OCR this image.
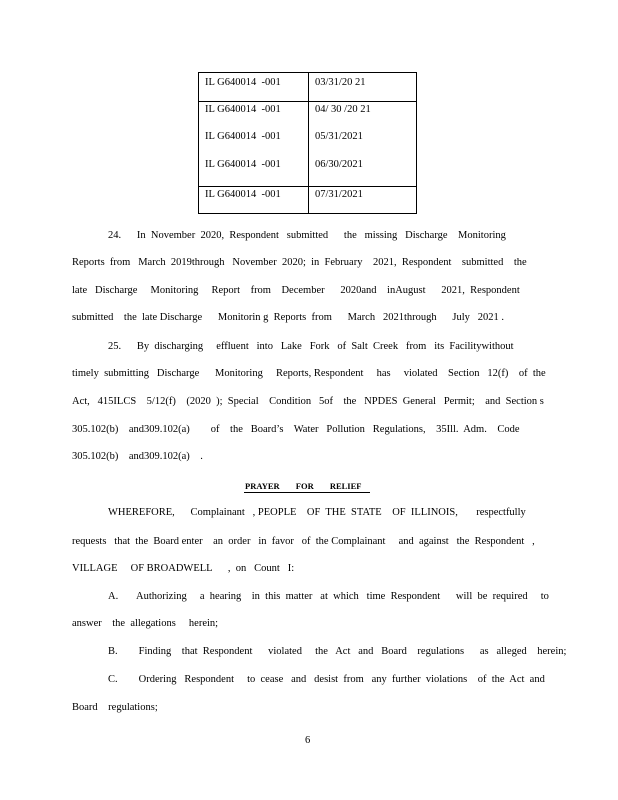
IL G640014  -001	03/31/20 21
IL G640014  -001	04/ 30 /20 21
IL G640014  -001	05/31/2021
IL G640014  -001	06/30/2021
IL G640014  -001	07/31/2021
24.      In  November  2020,  Respondent   submitted      the   missing   Discharge    Monitoring
Reports  from   March  2019through   November  2020;  in  February    2021,  Respondent    submitted    the
late   Discharge     Monitoring     Report    from    December      2020and    inAugust      2021,  Respondent
submitted    the  late Discharge      Monitorin g  Reports  from      March   2021through      July   2021 .
25.      By  discharging     effluent   into   Lake   Fork   of  Salt  Creek   from   its  Facilitywithout
timely  submitting   Discharge      Monitoring     Reports, Respondent     has     violated    Section   12(f)    of  the
Act,   415ILCS    5/12(f)    (2020  );  Special    Condition   5of    the   NPDES  General   Permit;    and  Section s
305.102(b)    and309.102(a)        of    the   Board’s    Water   Pollution   Regulations,    35Ill.  Adm.    Code
305.102(b)    and309.102(a)    .
PRAYER FOR RELIEF
WHEREFORE,      Complainant   , PEOPLE    OF  THE  STATE    OF  ILLINOIS,       respectfully
requests   that  the  Board enter    an  order   in  favor   of  the Complainant     and  against   the  Respondent   ,
VILLAGE     OF BROADWELL      ,  on   Count   I:
A.       Authorizing     a  hearing    in  this  matter   at  which   time  Respondent      will  be  required     to
answer    the  allegations     herein;
B.        Finding    that  Respondent      violated     the   Act   and   Board    regulations      as   alleged    herein;
C.        Ordering   Respondent     to  cease   and   desist  from   any  further  violations    of  the  Act  and
Board    regulations;
6
